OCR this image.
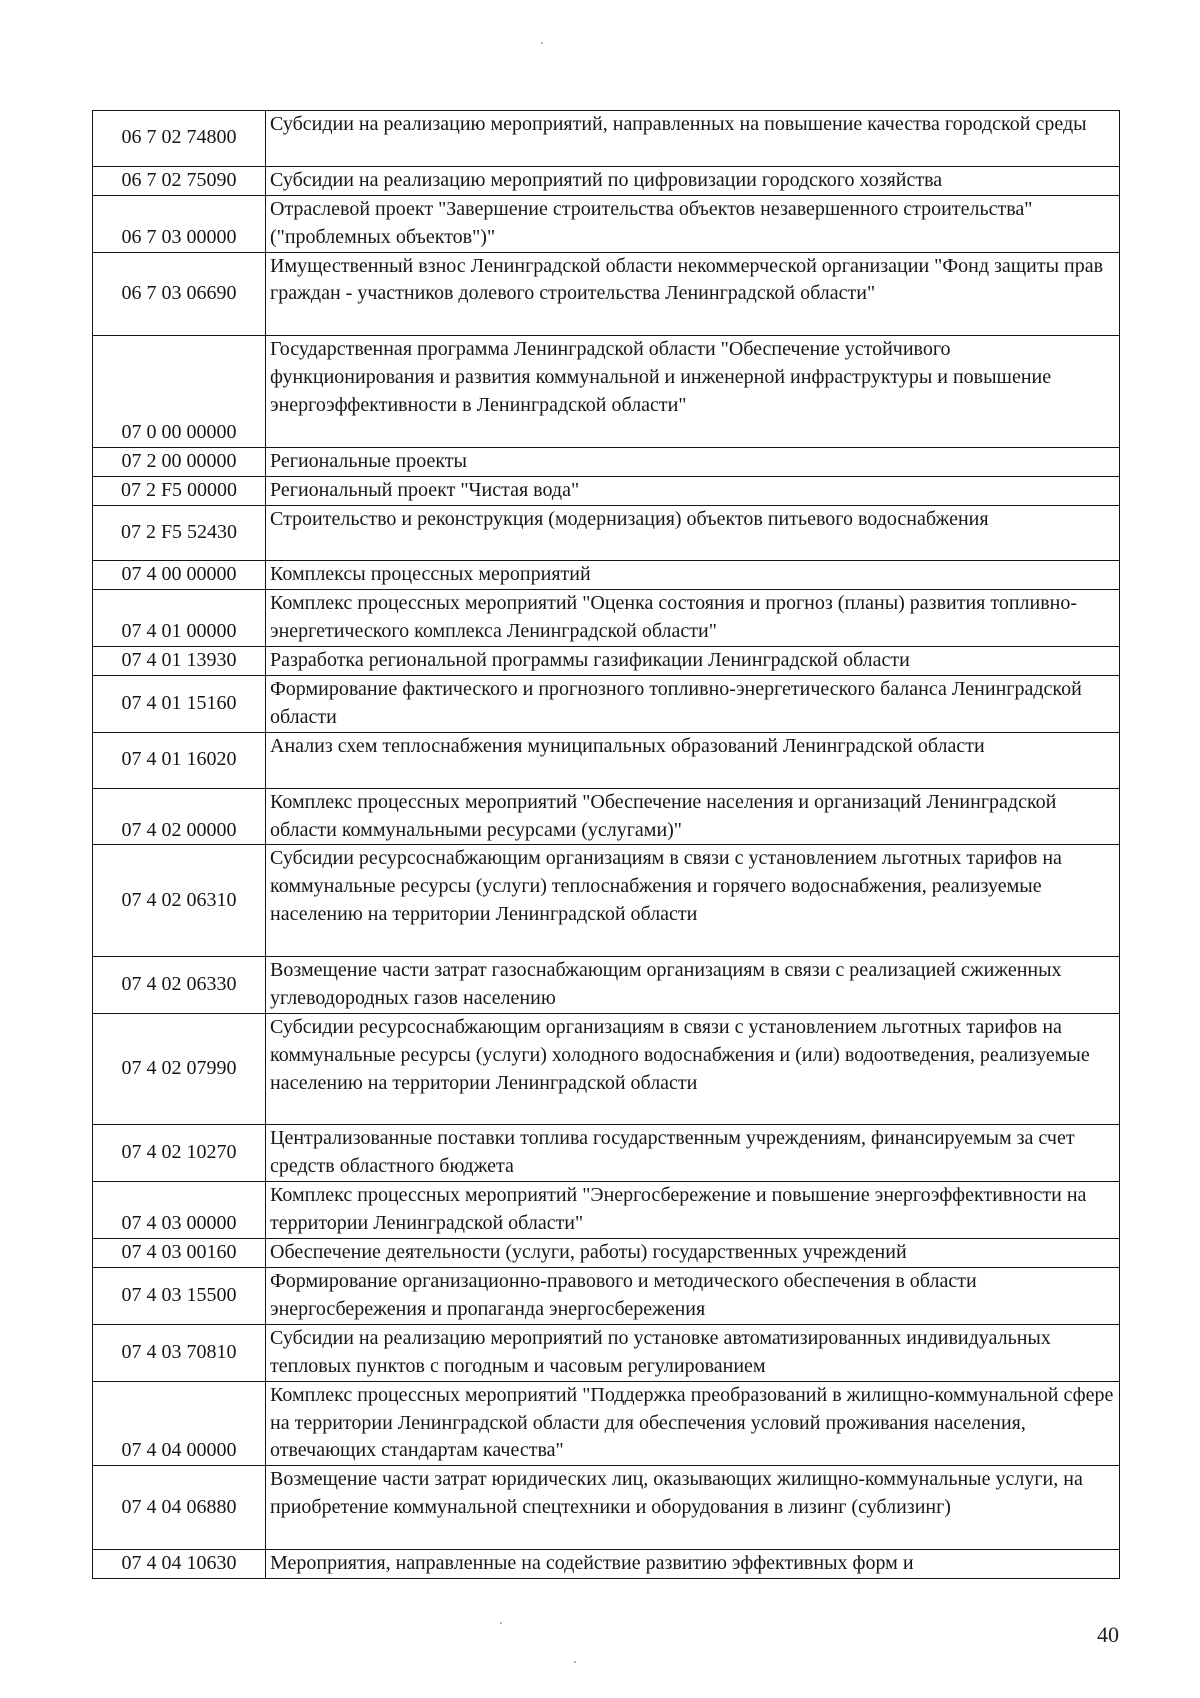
06 7 02 74800	Субсидии на реализацию мероприятий, направленных на повышение качества городской среды
06 7 02 75090	Субсидии на реализацию мероприятий по цифровизации городского хозяйства
06 7 03 00000	Отраслевой проект "Завершение строительства объектов незавершенного строительства" ("проблемных объектов")"
06 7 03 06690	Имущественный взнос Ленинградской области некоммерческой организации "Фонд защиты прав граждан - участников долевого строительства Ленинградской области"
07 0 00 00000	Государственная программа Ленинградской области "Обеспечение устойчивого функционирования и развития коммунальной и инженерной инфраструктуры и повышение энергоэффективности в Ленинградской области"
07 2 00 00000	Региональные проекты
07 2 F5 00000	Региональный проект "Чистая вода"
07 2 F5 52430	Строительство и реконструкция (модернизация) объектов питьевого водоснабжения
07 4 00 00000	Комплексы процессных мероприятий
07 4 01 00000	Комплекс процессных мероприятий "Оценка состояния и прогноз (планы) развития топливно-энергетического комплекса Ленинградской области"
07 4 01 13930	Разработка региональной программы газификации Ленинградской области
07 4 01 15160	Формирование фактического и прогнозного топливно-энергетического баланса Ленинградской области
07 4 01 16020	Анализ схем теплоснабжения муниципальных образований Ленинградской области
07 4 02 00000	Комплекс процессных мероприятий "Обеспечение населения и организаций Ленинградской области коммунальными ресурсами (услугами)"
07 4 02 06310	Субсидии ресурсоснабжающим организациям в связи с установлением льготных тарифов на коммунальные ресурсы (услуги) теплоснабжения и горячего водоснабжения, реализуемые населению на территории Ленинградской области
07 4 02 06330	Возмещение части затрат газоснабжающим организациям в связи с реализацией сжиженных углеводородных газов населению
07 4 02 07990	Субсидии ресурсоснабжающим организациям в связи с установлением льготных тарифов на коммунальные ресурсы (услуги) холодного водоснабжения и (или) водоотведения, реализуемые населению на территории Ленинградской области
07 4 02 10270	Централизованные поставки топлива государственным учреждениям, финансируемым за счет средств областного бюджета
07 4 03 00000	Комплекс процессных мероприятий "Энергосбережение и повышение энергоэффективности на территории Ленинградской области"
07 4 03 00160	Обеспечение деятельности (услуги, работы) государственных учреждений
07 4 03 15500	Формирование организационно-правового и методического обеспечения в области энергосбережения и пропаганда энергосбережения
07 4 03 70810	Субсидии на реализацию мероприятий по установке автоматизированных индивидуальных тепловых пунктов с погодным и часовым регулированием
07 4 04 00000	Комплекс процессных мероприятий "Поддержка преобразований в жилищно-коммунальной сфере на территории Ленинградской области для обеспечения условий проживания населения, отвечающих стандартам качества"
07 4 04 06880	Возмещение части затрат юридических лиц, оказывающих жилищно-коммунальные услуги, на приобретение коммунальной спецтехники и оборудования в лизинг (сублизинг)
07 4 04 10630	Мероприятия, направленные на содействие развитию эффективных форм и
40
